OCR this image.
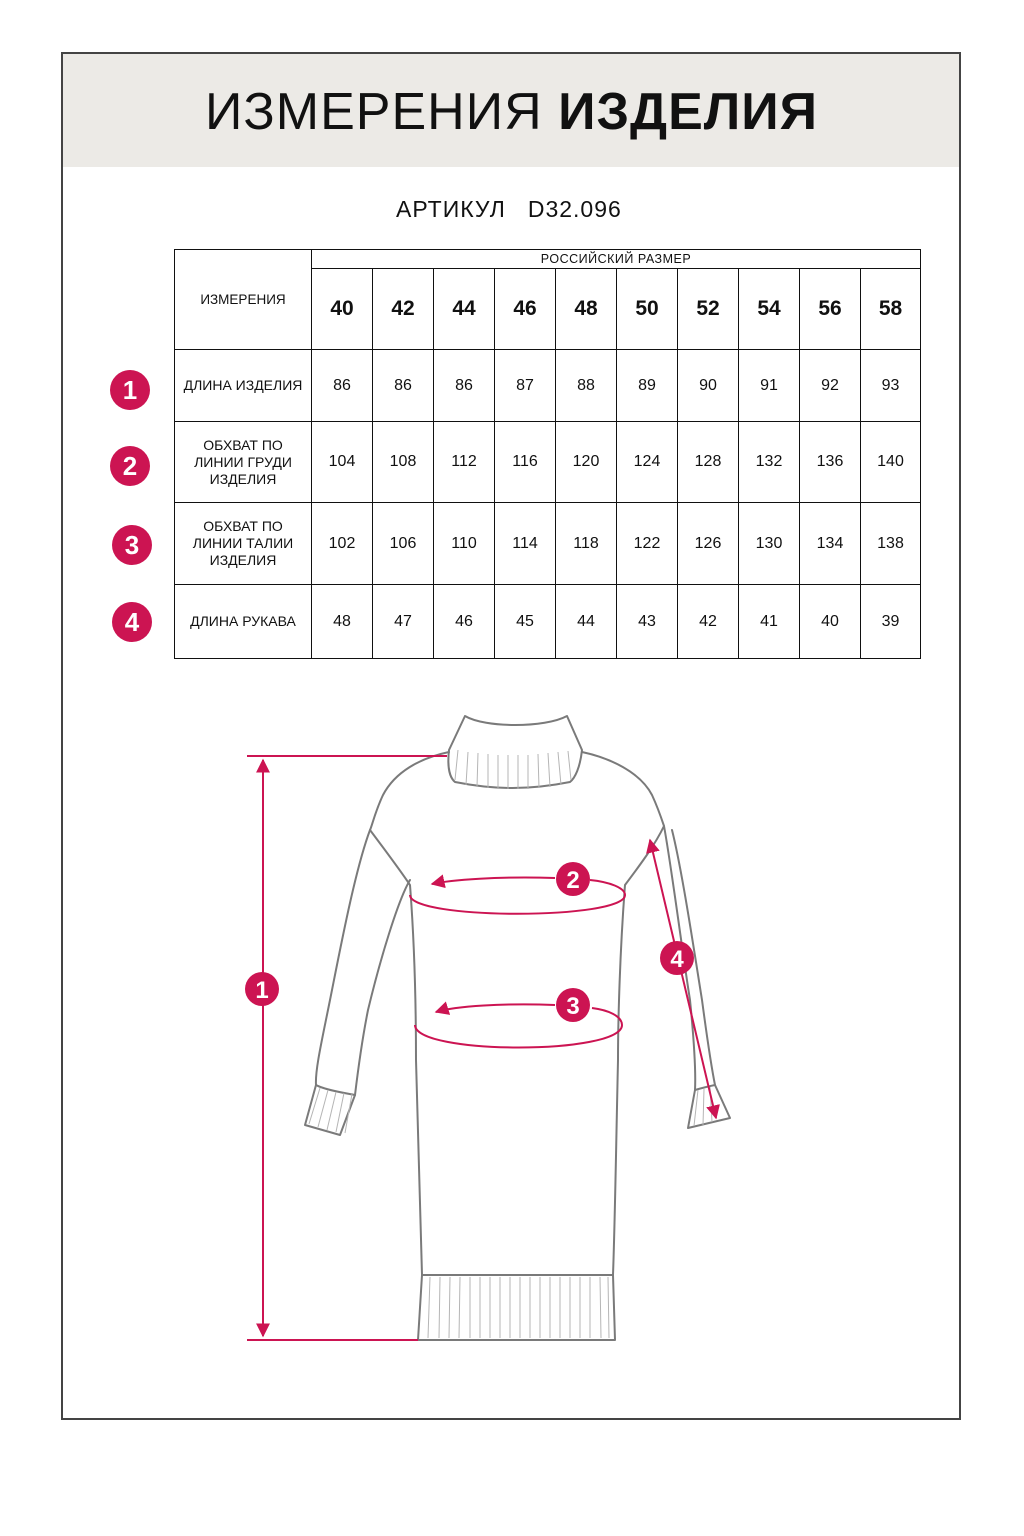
ИЗМЕРЕНИЯ ИЗДЕЛИЯ
АРТИКУЛ D32.096
ИЗМЕРЕНИЯ	РОССИЙСКИЙ РАЗМЕР									
	40	42	44	46	48	50	52	54	56	58
ДЛИНА ИЗДЕЛИЯ	86	86	86	87	88	89	90	91	92	93

ОБХВАТ ПО
ЛИНИИ ГРУДИ
ИЗДЕЛИЯ	104	108	112	116	120	124	128	132	136	140

ОБХВАТ ПО
ЛИНИИ ТАЛИИ
ИЗДЕЛИЯ	102	106	110	114	118	122	126	130	134	138
ДЛИНА РУКАВА	48	47	46	45	44	43	42	41	40	39
1
2
3
4
1
2
3
4
